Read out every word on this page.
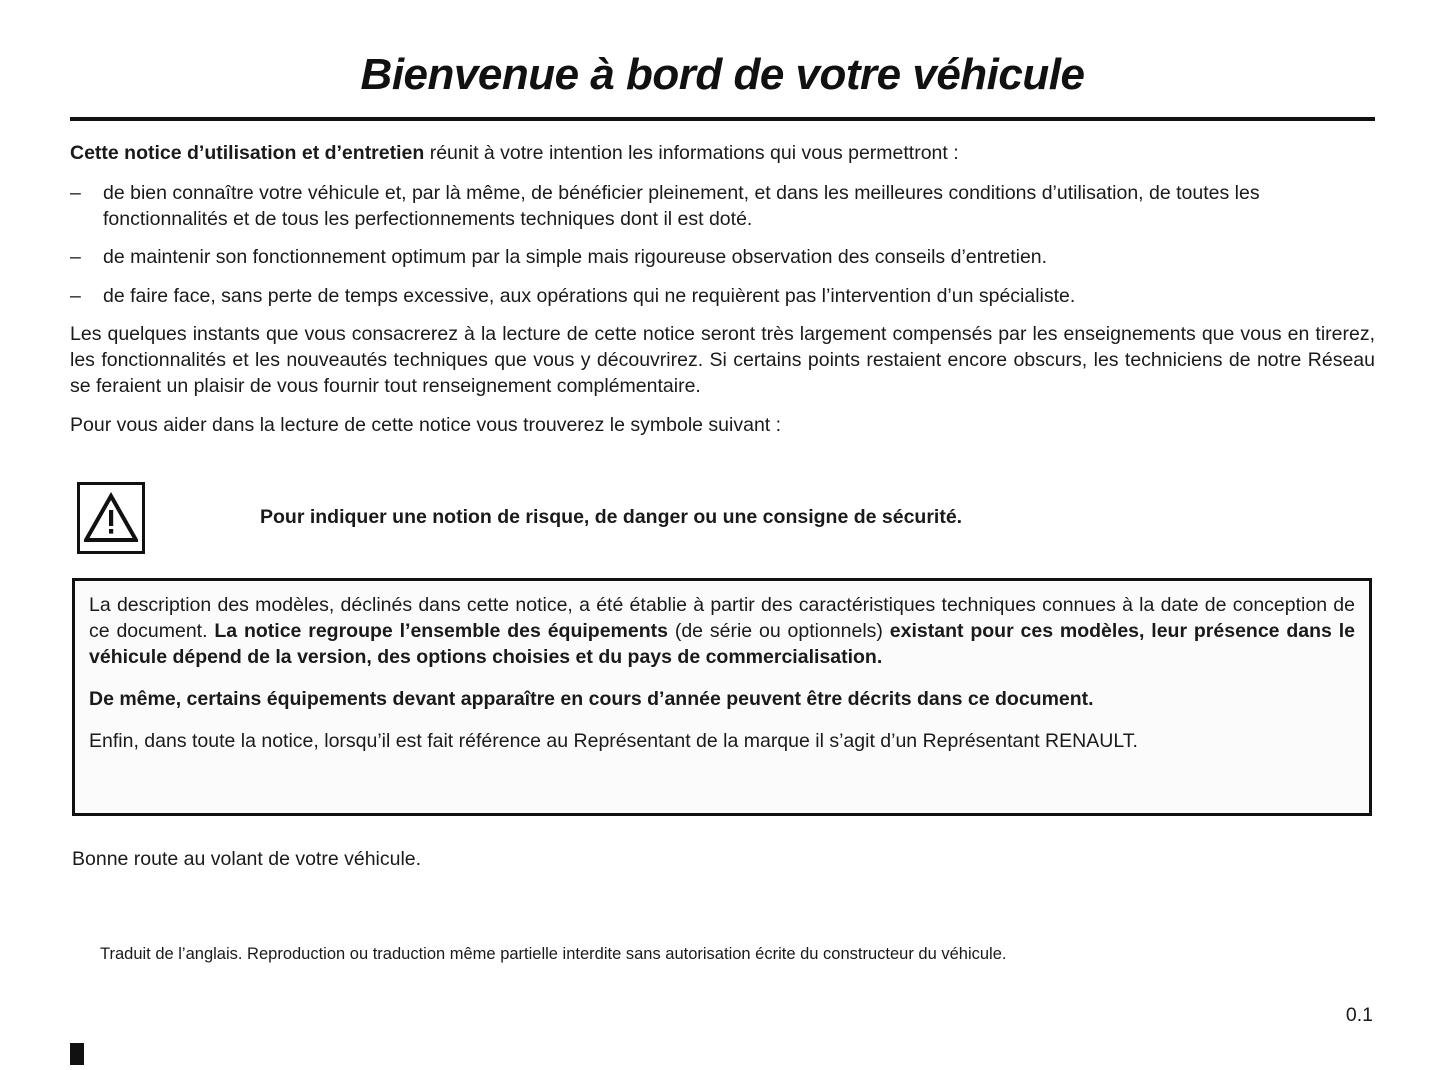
Bienvenue à bord de votre véhicule

Cette notice d’utilisation et d’entretien réunit à votre intention les informations qui vous permettront :

– de bien connaître votre véhicule et, par là même, de bénéficier pleinement, et dans les meilleures conditions d’utilisation, de toutes les fonctionnalités et de tous les perfectionnements techniques dont il est doté.
– de maintenir son fonctionnement optimum par la simple mais rigoureuse observation des conseils d’entretien.
– de faire face, sans perte de temps excessive, aux opérations qui ne requièrent pas l’intervention d’un spécialiste.

Les quelques instants que vous consacrerez à la lecture de cette notice seront très largement compensés par les enseignements que vous en tirerez, les fonctionnalités et les nouveautés techniques que vous y découvrirez. Si certains points restaient encore obscurs, les techniciens de notre Réseau se feraient un plaisir de vous fournir tout renseignement complémentaire.

Pour vous aider dans la lecture de cette notice vous trouverez le symbole suivant :

Pour indiquer une notion de risque, de danger ou une consigne de sécurité.

La description des modèles, déclinés dans cette notice, a été établie à partir des caractéristiques techniques connues à la date de conception de ce document. La notice regroupe l’ensemble des équipements (de série ou optionnels) existant pour ces modèles, leur présence dans le véhicule dépend de la version, des options choisies et du pays de commercialisation.

De même, certains équipements devant apparaître en cours d’année peuvent être décrits dans ce document.

Enfin, dans toute la notice, lorsqu’il est fait référence au Représentant de la marque il s’agit d’un Représentant RENAULT.

Bonne route au volant de votre véhicule.
Traduit de l’anglais. Reproduction ou traduction même partielle interdite sans autorisation écrite du constructeur du véhicule.
0.1
